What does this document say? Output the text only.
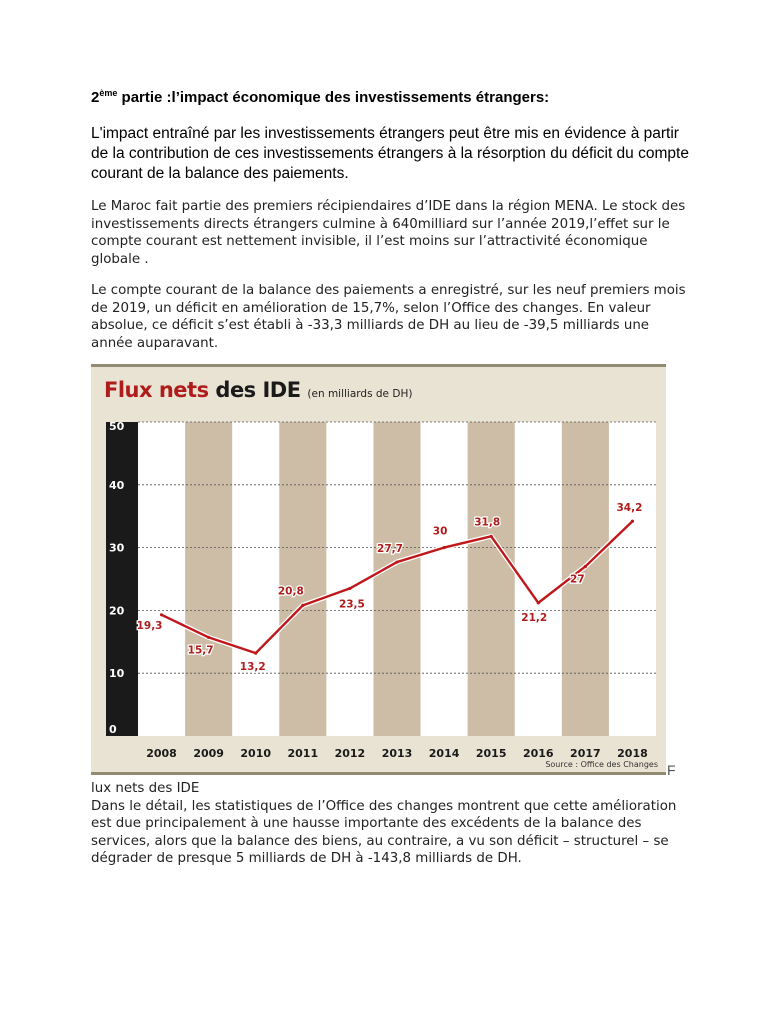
2ème partie :l’impact économique des investissements étrangers:
L'impact entraîné par les investissements étrangers peut être mis en évidence à partir de la contribution de ces investissements étrangers à la résorption du déficit du compte courant de la balance des paiements.
Le Maroc fait partie des premiers récipiendaires d’IDE dans la région MENA. Le stock des investissements directs étrangers culmine à 640milliard sur l’année 2019,l’effet sur le compte courant est nettement invisible, il l’est moins sur l’attractivité économique globale .
Le compte courant de la balance des paiements a enregistré, sur les neuf premiers mois de 2019, un déficit en amélioration de 15,7%, selon l’Office des changes. En valeur absolue, ce déficit s’est établi à -33,3 milliards de DH au lieu de -39,5 milliards une année auparavant.
Flux nets des IDE (en milliards de DH)
0
10
20
30
40
50
2008 2009 2010 2011 2012 2013 2014 2015 2016 2017 2018
19,3
15,7
13,2
20,8
23,5
27,7
30
31,8
21,2
27
34,2
Source : Office des Changes F
lux nets des IDE
Dans le détail, les statistiques de l’Office des changes montrent que cette amélioration est due principalement à une hausse importante des excédents de la balance des services, alors que la balance des biens, au contraire, a vu son déficit – structurel – se dégrader de presque 5 milliards de DH à -143,8 milliards de DH.
